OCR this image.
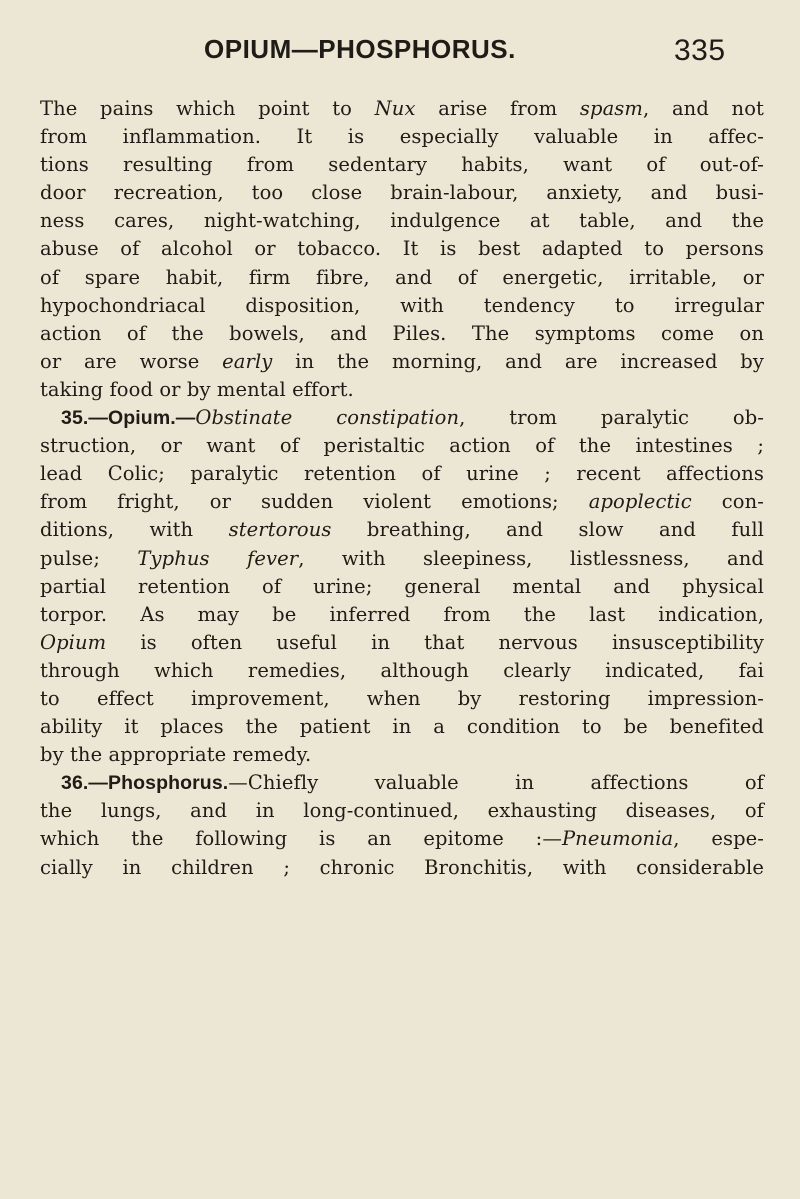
OPIUM—PHOSPHORUS.	335
The pains which point to Nux arise from spasm, and not
from inflammation. It is especially valuable in affec-
tions resulting from sedentary habits, want of out-of-
door recreation, too close brain-labour, anxiety, and busi-
ness cares, night-watching, indulgence at table, and the
abuse of alcohol or tobacco. It is best adapted to persons
of spare habit, firm fibre, and of energetic, irritable, or
hypochondriacal disposition, with tendency to irregular
action of the bowels, and Piles. The symptoms come on
or are worse early in the morning, and are increased by
taking food or by mental effort.
35.—Opium.—Obstinate constipation, trom paralytic ob-
struction, or want of peristaltic action of the intestines ;
lead Colic; paralytic retention of urine ; recent affections
from fright, or sudden violent emotions; apoplectic con-
ditions, with stertorous breathing, and slow and full
pulse; Typhus fever, with sleepiness, listlessness, and
partial retention of urine; general mental and physical
torpor. As may be inferred from the last indication,
Opium is often useful in that nervous insusceptibility
through which remedies, although clearly indicated, fai
to effect improvement, when by restoring impression-
ability it places the patient in a condition to be benefited
by the appropriate remedy.
36.—Phosphorus.—Chiefly valuable in affections of
the lungs, and in long-continued, exhausting diseases, of
which the following is an epitome :—Pneumonia, espe-
cially in children ; chronic Bronchitis, with considerable
